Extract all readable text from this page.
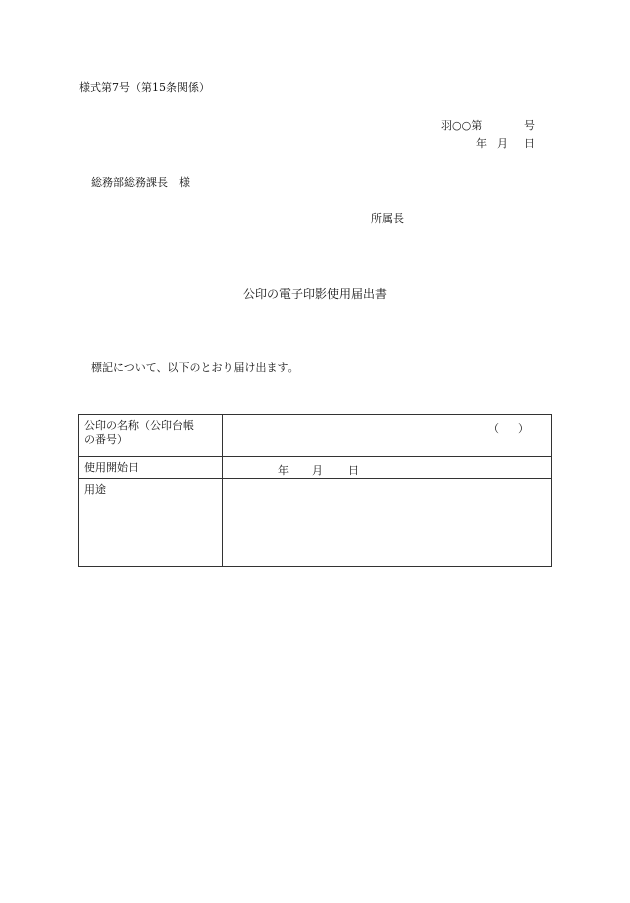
様式第7号（第15条関係）
羽○○第	号
年 月 日
総務部総務課長　様
所属長
公印の電子印影使用届出書
標記について、以下のとおり届け出ます。
公印の名称（公印台帳
の番号）	（　）

使用開始日	年 月 日

用途	
